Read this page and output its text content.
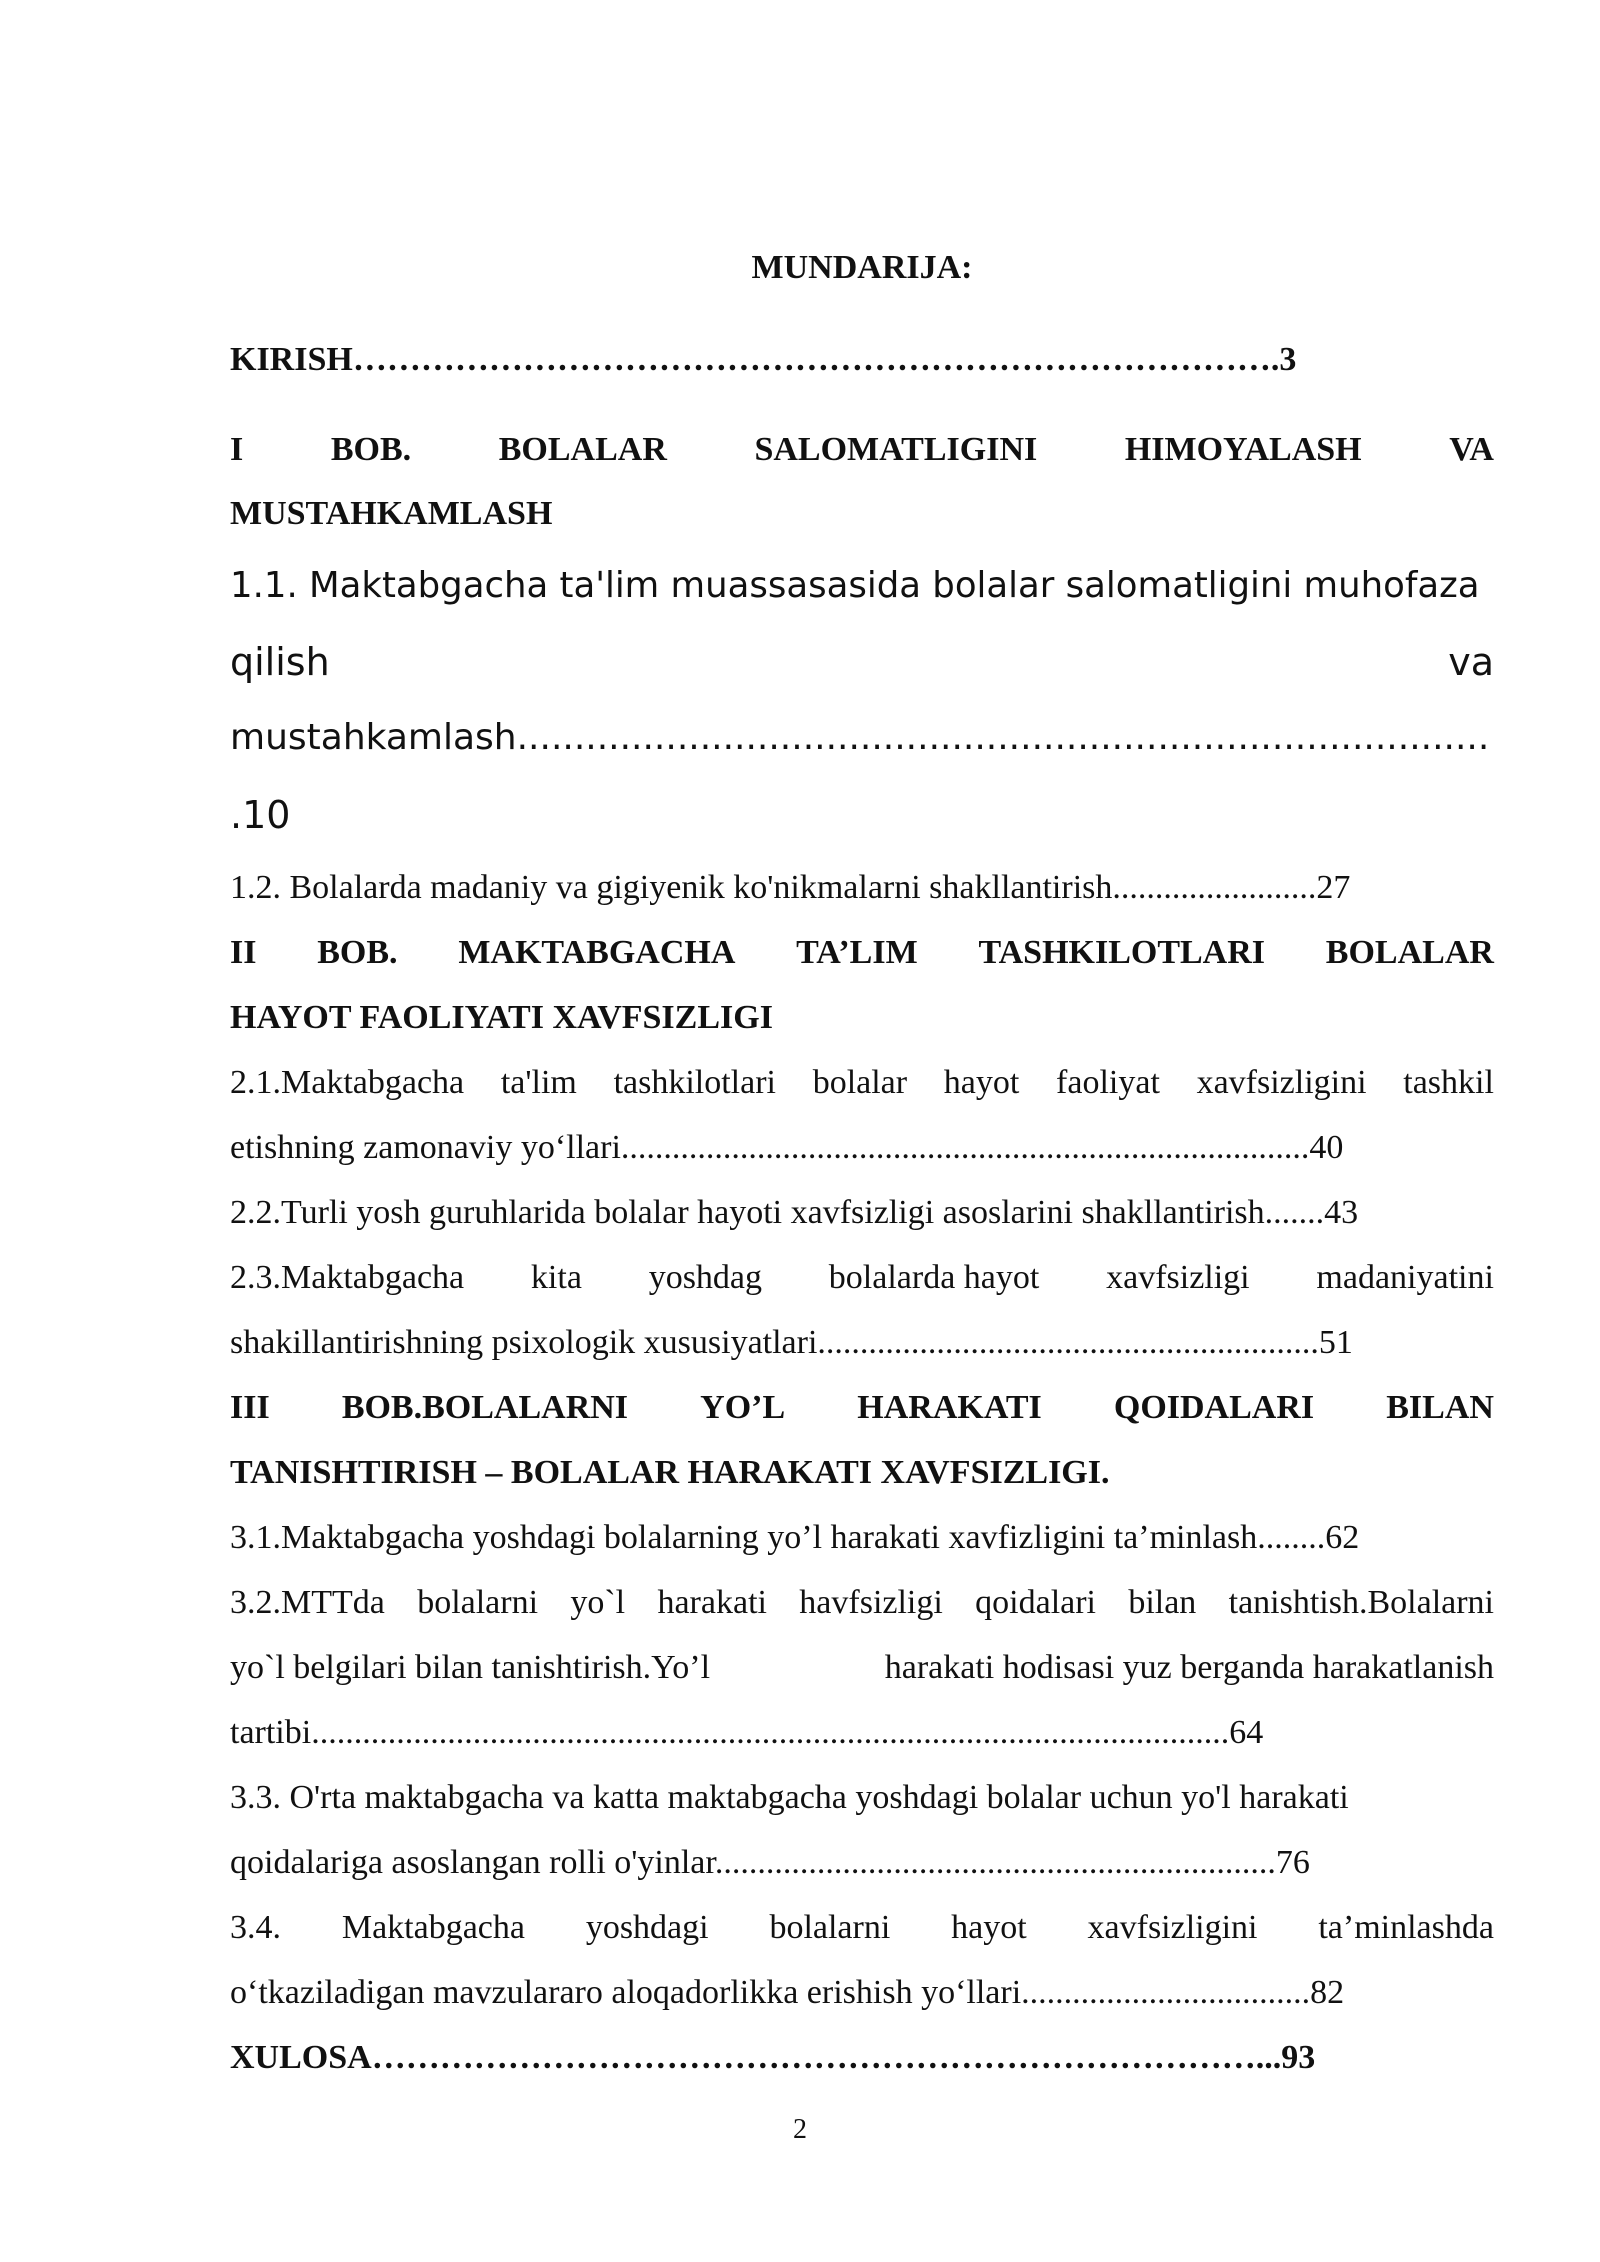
MUNDARIJA:
KIRISH……………………………………………………………………….3
I	BOB.	BOLALAR	SALOMATLIGINI	HIMOYALASH	VA
MUSTAHKAMLASH
1.1. Maktabgacha ta'lim muassasasida bolalar salomatligini muhofaza
qilish	va
mustahkamlash.....................................................................................
.10
1.2. Bolalarda madaniy va gigiyenik ko'nikmalarni shakllantirish........................27
II BOB. MAKTABGACHA TA’LIM TASHKILOTLARI BOLALAR
HAYOT FAOLIYATI XAVFSIZLIGI
2.1.Maktabgacha ta'lim tashkilotlari bolalar hayot faoliyat xavfsizligini tashkil
etishning zamonaviy yo‘llari.................................................................................40
2.2.Turli yosh guruhlarida bolalar hayoti xavfsizligi asoslarini shakllantirish.......43
2.3.Maktabgacha kita yoshdag bolalarda hayot xavfsizligi madaniyatini
shakillantirishning psixologik xususiyatlari...........................................................51
III BOB.BOLALARNI YO’L HARAKATI QOIDALARI BILAN
TANISHTIRISH – BOLALAR HARAKATI XAVFSIZLIGI.
3.1.Maktabgacha yoshdagi bolalarning yo’l harakati xavfizligini ta’minlash........62
3.2.MTTda bolalarni yo`l harakati havfsizligi qoidalari bilan tanishtish.Bolalarni
yo`l belgilari bilan tanishtirish.Yo’l	harakati hodisasi yuz berganda harakatlanish
tartibi............................................................................................................64
3.3. O'rta maktabgacha va katta maktabgacha yoshdagi bolalar uchun yo'l harakati
qoidalariga asoslangan rolli o'yinlar..................................................................76
3.4. Maktabgacha yoshdagi bolalarni hayot xavfsizligini ta’minlashda
o‘tkaziladigan mavzulararo aloqadorlikka erishish yo‘llari..................................82
XULOSA……………………………………………………………………...93
2
